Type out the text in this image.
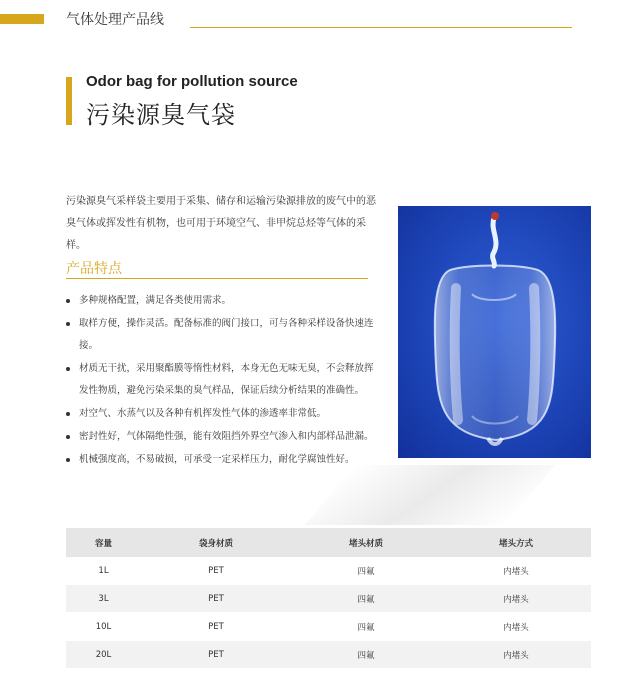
气体处理产品线
Odor bag for pollution source
污染源臭气袋
污染源臭气采样袋主要用于采集、储存和运输污染源排放的废气中的恶臭气体或挥发性有机物，也可用于环境空气、非甲烷总烃等气体的采样。
产品特点
多种规格配置，满足各类使用需求。
取样方便，操作灵活。配备标准的阀门接口，可与各种采样设备快速连接。
材质无干扰，采用聚酯膜等惰性材料，本身无色无味无臭，不会释放挥发性物质，避免污染采集的臭气样品，保证后续分析结果的准确性。
对空气、水蒸气以及各种有机挥发性气体的渗透率非常低。
密封性好，气体隔绝性强，能有效阻挡外界空气渗入和内部样品泄漏。
机械强度高，不易破损，可承受一定采样压力，耐化学腐蚀性好。
容量	袋身材质	堵头材质	堵头方式
1L	PET	四氟	内堵头
3L	PET	四氟	内堵头
10L	PET	四氟	内堵头
20L	PET	四氟	内堵头
